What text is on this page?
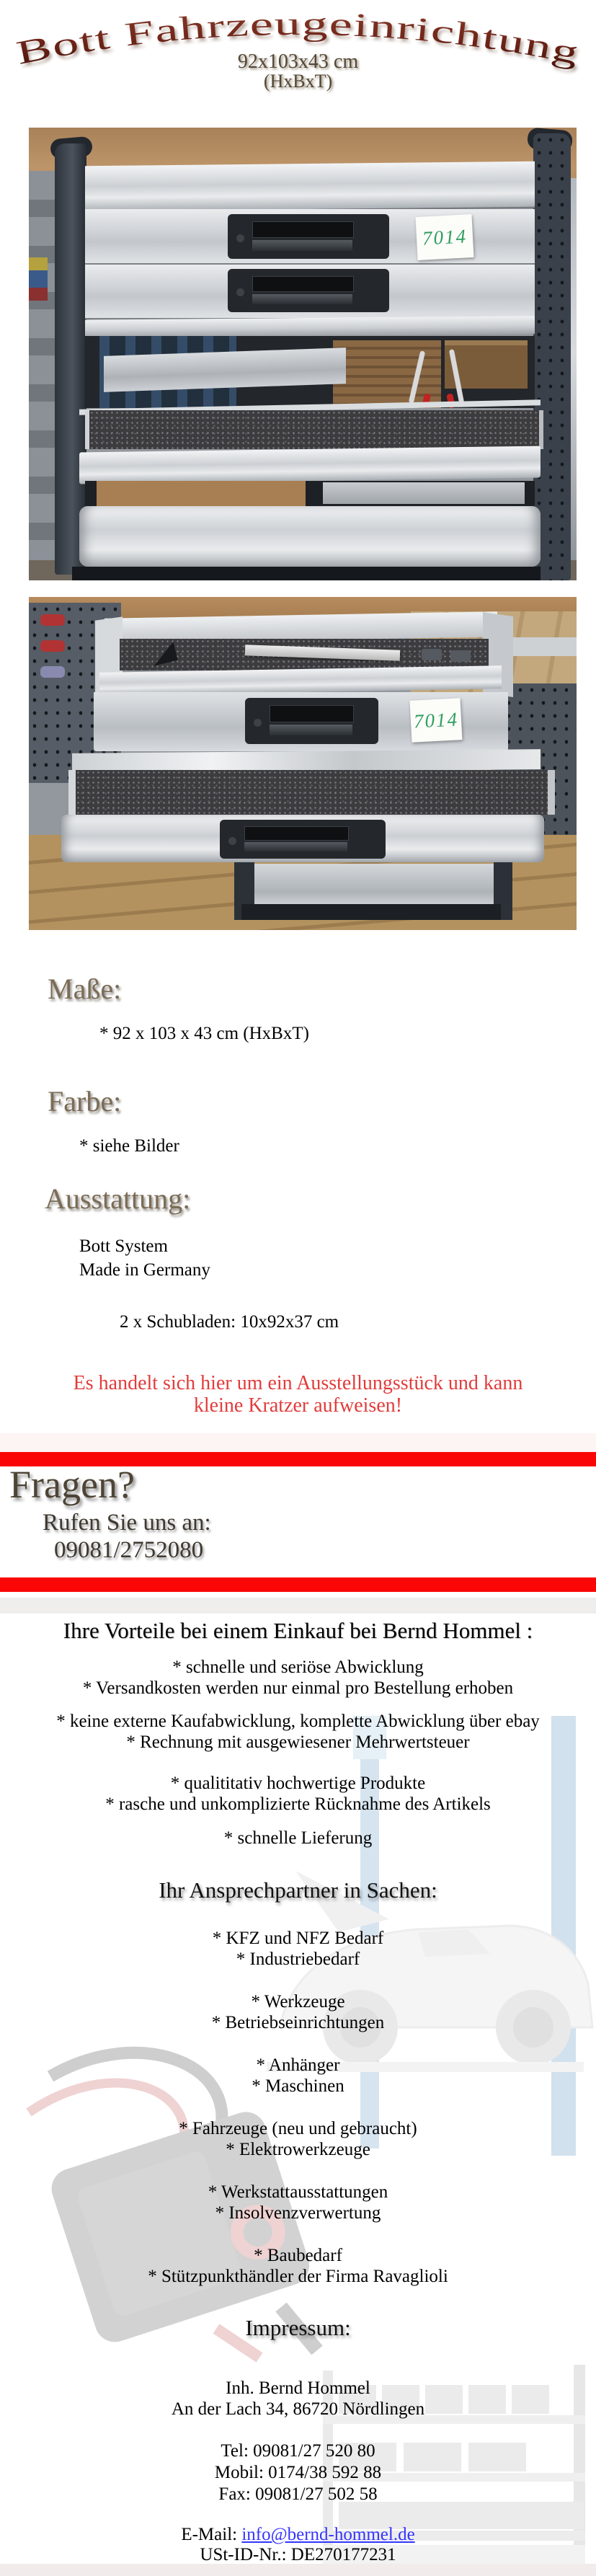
Bott Fahrzeugeinrichtung
92x103x43 cm
(HxBxT)
7014
7014
Maße:
* 92 x 103 x 43 cm (HxBxT)
Farbe:
* siehe Bilder
Ausstattung:
Bott System
Made in Germany
2 x Schubladen: 10x92x37 cm
Es handelt sich hier um ein Ausstellungsstück und kann
kleine Kratzer aufweisen!
Fragen?
Rufen Sie uns an:
09081/2752080
Ihre Vorteile bei einem Einkauf bei Bernd Hommel :
* schnelle und seriöse Abwicklung
* Versandkosten werden nur einmal pro Bestellung erhoben
* keine externe Kaufabwicklung, komplette Abwicklung über ebay
* Rechnung mit ausgewiesener Mehrwertsteuer
* qualititativ hochwertige Produkte
* rasche und unkomplizierte Rücknahme des Artikels
* schnelle Lieferung
Ihr Ansprechpartner in Sachen:
* KFZ und NFZ Bedarf
* Industriebedarf
* Werkzeuge
* Betriebseinrichtungen
* Anhänger
* Maschinen
* Fahrzeuge (neu und gebraucht)
* Elektrowerkzeuge
* Werkstattausstattungen
* Insolvenzverwertung
* Baubedarf
* Stützpunkthändler der Firma Ravaglioli
Impressum:
Inh. Bernd Hommel
An der Lach 34, 86720 Nördlingen
Tel: 09081/27 520 80
Mobil: 0174/38 592 88
Fax: 09081/27 502 58
E-Mail: info@bernd-hommel.de
USt-ID-Nr.: DE270177231
